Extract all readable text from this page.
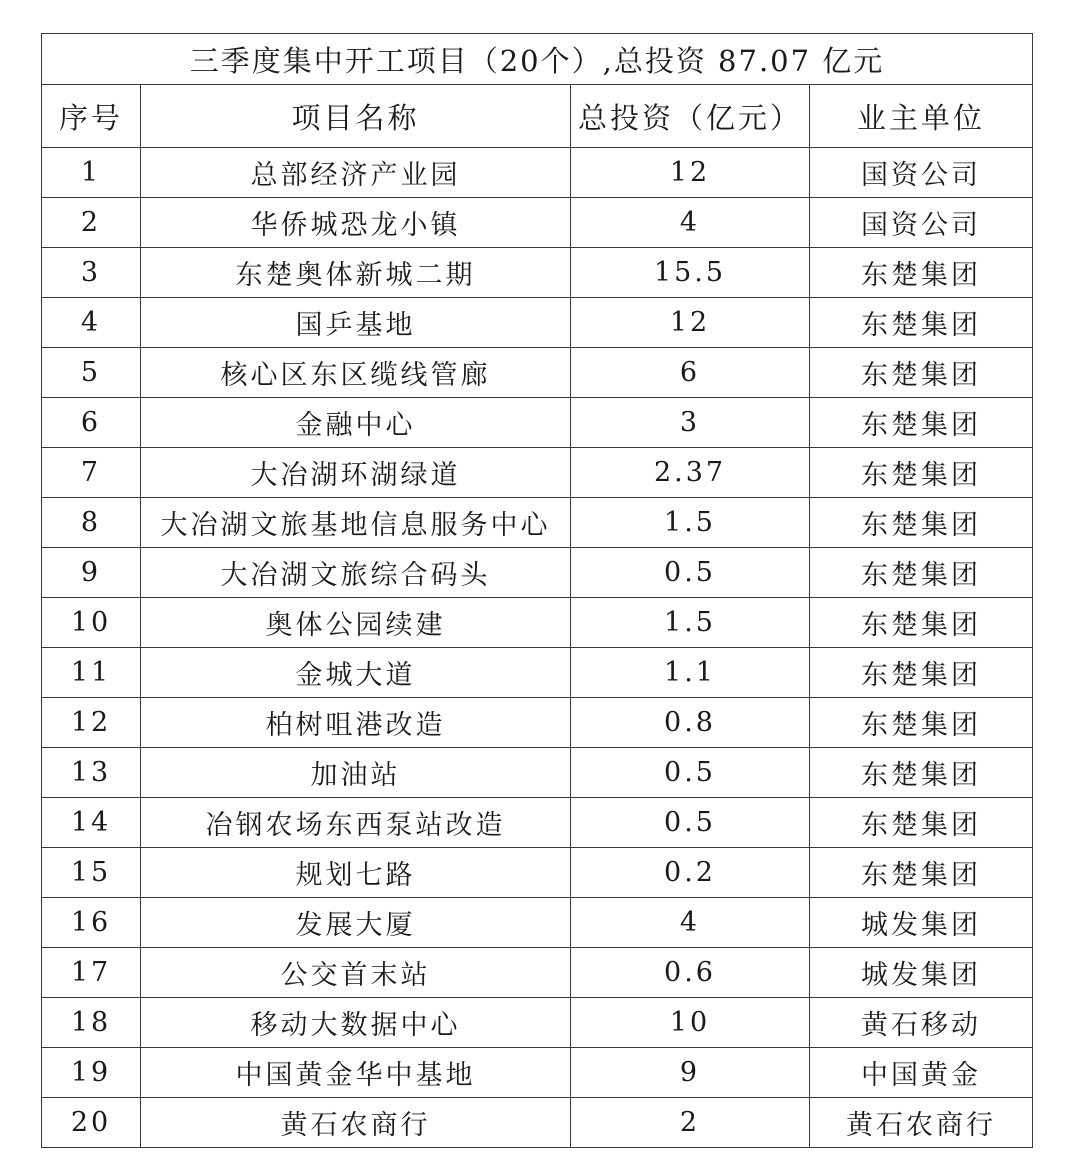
三季度集中开工项目（20个）,总投资 87.07 亿元			
序号	项目名称	总投资（亿元）	业主单位
1	总部经济产业园	12	国资公司
2	华侨城恐龙小镇	4	国资公司
3	东楚奥体新城二期	15.5	东楚集团
4	国乒基地	12	东楚集团
5	核心区东区缆线管廊	6	东楚集团
6	金融中心	3	东楚集团
7	大冶湖环湖绿道	2.37	东楚集团
8	大冶湖文旅基地信息服务中心	1.5	东楚集团
9	大冶湖文旅综合码头	0.5	东楚集团
10	奥体公园续建	1.5	东楚集团
11	金城大道	1.1	东楚集团
12	柏树咀港改造	0.8	东楚集团
13	加油站	0.5	东楚集团
14	冶钢农场东西泵站改造	0.5	东楚集团
15	规划七路	0.2	东楚集团
16	发展大厦	4	城发集团
17	公交首末站	0.6	城发集团
18	移动大数据中心	10	黄石移动
19	中国黄金华中基地	9	中国黄金
20	黄石农商行	2	黄石农商行
